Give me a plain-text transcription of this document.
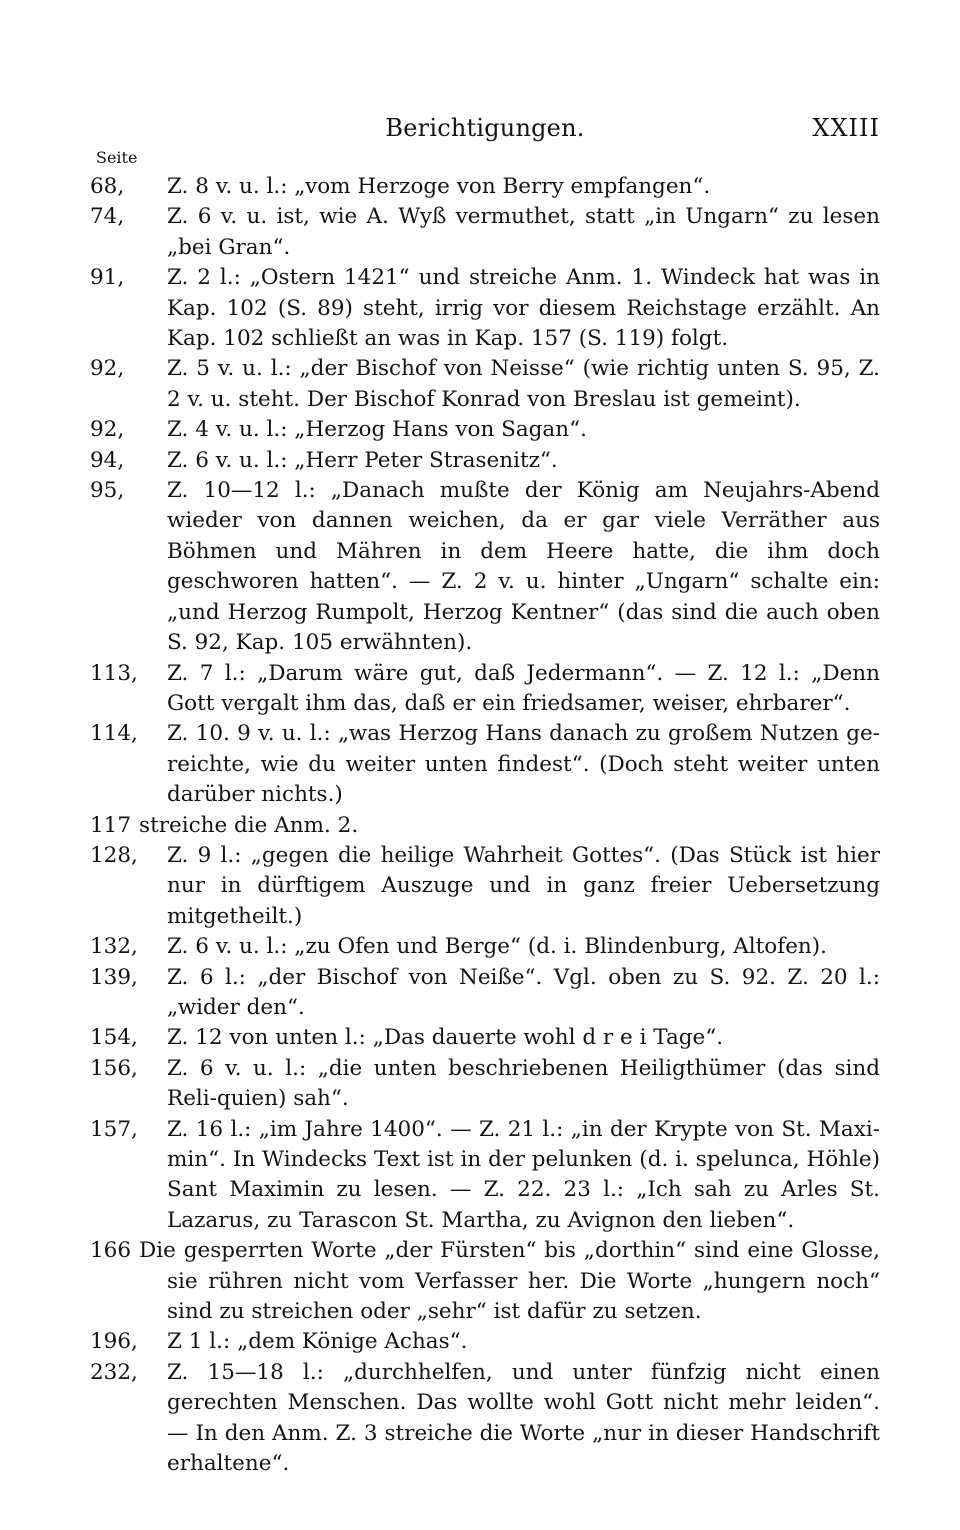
Berichtigungen.	XXIII
Seite

68, Z. 8 v. u. l.: „vom Herzoge von Berry empfangen“.

74, Z. 6 v. u. ist, wie A. Wyß vermuthet, statt „in Ungarn“ zu lesen „bei Gran“.

91, Z. 2 l.: „Ostern 1421“ und streiche Anm. 1. Windeck hat was in Kap. 102 (S. 89) steht, irrig vor diesem Reichstage erzählt. An Kap. 102 schließt an was in Kap. 157 (S. 119) folgt.

92, Z. 5 v. u. l.: „der Bischof von Neisse“ (wie richtig unten S. 95, Z. 2 v. u. steht. Der Bischof Konrad von Breslau ist gemeint).

92, Z. 4 v. u. l.: „Herzog Hans von Sagan“.

94, Z. 6 v. u. l.: „Herr Peter Strasenitz“.

95, Z. 10—12 l.: „Danach mußte der König am Neujahrs-Abend wieder von dannen weichen, da er gar viele Verräther aus Böhmen und Mähren in dem Heere hatte, die ihm doch geschworen hatten“. — Z. 2 v. u. hinter „Ungarn“ schalte ein: „und Herzog Rumpolt, Herzog Kentner“ (das sind die auch oben S. 92, Kap. 105 erwähnten).

113, Z. 7 l.: „Darum wäre gut, daß Jedermann“. — Z. 12 l.: „Denn Gott vergalt ihm das, daß er ein friedsamer, weiser, ehrbarer“.

114, Z. 10. 9 v. u. l.: „was Herzog Hans danach zu großem Nutzen ge-reichte, wie du weiter unten findest“. (Doch steht weiter unten darüber nichts.)

117 streiche die Anm. 2.

128, Z. 9 l.: „gegen die heilige Wahrheit Gottes“. (Das Stück ist hier nur in dürftigem Auszuge und in ganz freier Uebersetzung mitgetheilt.)

132, Z. 6 v. u. l.: „zu Ofen und Berge“ (d. i. Blindenburg, Altofen).

139, Z. 6 l.: „der Bischof von Neiße“. Vgl. oben zu S. 92. Z. 20 l.: „wider den“.

154, Z. 12 von unten l.: „Das dauerte wohl d r e i Tage“.

156, Z. 6 v. u. l.: „die unten beschriebenen Heiligthümer (das sind Reli-quien) sah“.

157, Z. 16 l.: „im Jahre 1400“. — Z. 21 l.: „in der Krypte von St. Maxi-min“. In Windecks Text ist in der pelunken (d. i. spelunca, Höhle) Sant Maximin zu lesen. — Z. 22. 23 l.: „Ich sah zu Arles St. Lazarus, zu Tarascon St. Martha, zu Avignon den lieben“.

166 Die gesperrten Worte „der Fürsten“ bis „dorthin“ sind eine Glosse, sie rühren nicht vom Verfasser her. Die Worte „hungern noch“ sind zu streichen oder „sehr“ ist dafür zu setzen.

196, Z 1 l.: „dem Könige Achas“.

232, Z. 15—18 l.: „durchhelfen, und unter fünfzig nicht einen gerechten Menschen. Das wollte wohl Gott nicht mehr leiden“. — In den Anm. Z. 3 streiche die Worte „nur in dieser Handschrift erhaltene“.
